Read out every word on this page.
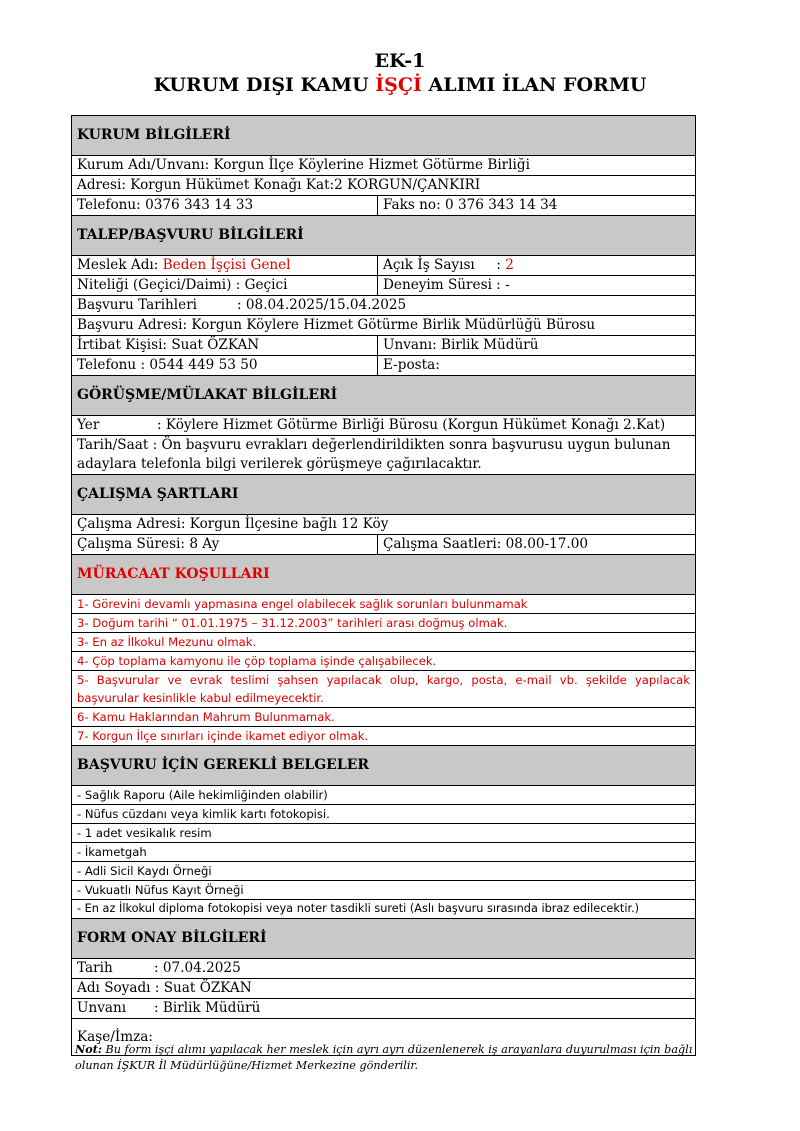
EK-1
KURUM DIŞI KAMU İŞÇİ ALIMI İLAN FORMU
KURUM BİLGİLERİ	
Kurum Adı/Unvanı: Korgun İlçe Köylerine Hizmet Götürme Birliği	
Adresi: Korgun Hükümet Konağı Kat:2 KORGUN/ÇANKIRI	
Telefonu: 0376 343 14 33	Faks no: 0 376 343 14 34
TALEP/BAŞVURU BİLGİLERİ	
Meslek Adı: Beden İşçisi Genel	Açık İş Sayısı     : 2
Niteliği (Geçici/Daimi) : Geçici	Deneyim Süresi : -
Başvuru Tarihleri : 08.04.2025/15.04.2025	
Başvuru Adresi: Korgun Köylere Hizmet Götürme Birlik Müdürlüğü Bürosu	
İrtibat Kişisi: Suat ÖZKAN	Unvanı: Birlik Müdürü
Telefonu : 0544 449 53 50	E-posta:
GÖRÜŞME/MÜLAKAT BİLGİLERİ	
Yer : Köylere Hizmet Götürme Birliği Bürosu (Korgun Hükümet Konağı 2.Kat)	
Tarih/Saat : Ön başvuru evrakları değerlendirildikten sonra başvurusu uygun bulunan adaylara telefonla bilgi verilerek görüşmeye çağırılacaktır.	
ÇALIŞMA ŞARTLARI	
Çalışma Adresi: Korgun İlçesine bağlı 12 Köy	
Çalışma Süresi: 8 Ay	Çalışma Saatleri: 08.00-17.00
MÜRACAAT KOŞULLARI	
1- Görevini devamlı yapmasına engel olabilecek sağlık sorunları bulunmamak	
3- Doğum tarihi “ 01.01.1975 – 31.12.2003” tarihleri arası doğmuş olmak.	
3- En az İlkokul Mezunu olmak.	
4- Çöp toplama kamyonu ile çöp toplama işinde çalışabilecek.	
5- Başvurular ve evrak teslimi şahsen yapılacak olup, kargo, posta, e-mail vb. şekilde yapılacak başvurular kesinlikle kabul edilmeyecektir.	
6- Kamu Haklarından Mahrum Bulunmamak.	
7- Korgun İlçe sınırları içinde ikamet ediyor olmak.	
BAŞVURU İÇİN GEREKLİ BELGELER	
- Sağlık Raporu (Aile hekimliğinden olabilir)	
- Nüfus cüzdanı veya kimlik kartı fotokopisi.	
- 1 adet vesikalık resim	
- İkametgah	
- Adli Sicil Kaydı Örneği	
- Vukuatlı Nüfus Kayıt Örneği	
- En az İlkokul diploma fotokopisi veya noter tasdikli sureti (Aslı başvuru sırasında ibraz edilecektir.)	
FORM ONAY BİLGİLERİ	
Tarih : 07.04.2025	
Adı Soyadı : Suat ÖZKAN	
Unvanı : Birlik Müdürü	
Kaşe/İmza:	
Not: Bu form işçi alımı yapılacak her meslek için ayrı ayrı düzenlenerek iş arayanlara duyurulması için bağlı olunan İŞKUR İl Müdürlüğüne/Hizmet Merkezine gönderilir.
